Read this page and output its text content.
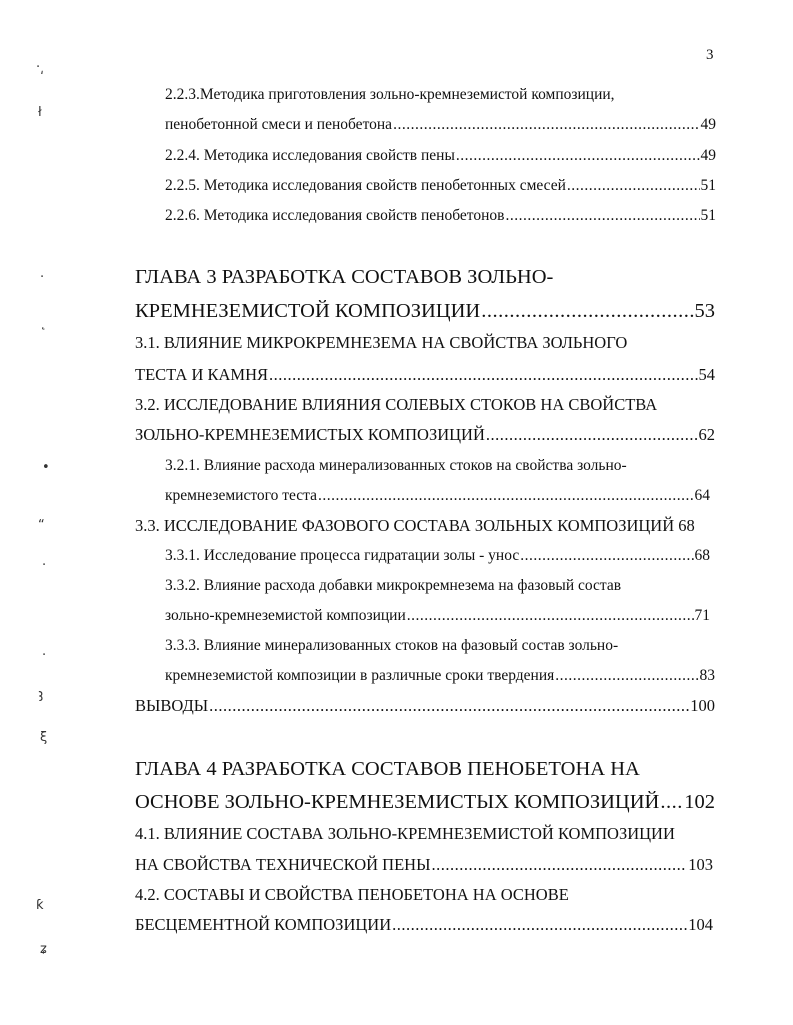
3
·͵
ł
·
˛
•
“
·
·
Ꜣ
ξ
ƙ
ʑ
2.2.3.Методика приготовления зольно-кремнеземистой композиции,
пенобетонной смеси и пенобетона .....	49
2.2.4. Методика исследования свойств пены .....	49
2.2.5. Методика исследования свойств пенобетонных смесей .....	51
2.2.6. Методика исследования свойств пенобетонов .....	51
ГЛАВА 3 РАЗРАБОТКА СОСТАВОВ ЗОЛЬНО-
КРЕМНЕЗЕМИСТОЙ КОМПОЗИЦИИ .....	53
3.1. ВЛИЯНИЕ МИКРОКРЕМНЕЗЕМА НА СВОЙСТВА ЗОЛЬНОГО
ТЕСТА И КАМНЯ .....	54
3.2. ИССЛЕДОВАНИЕ ВЛИЯНИЯ СОЛЕВЫХ СТОКОВ НА СВОЙСТВА
ЗОЛЬНО-КРЕМНЕЗЕМИСТЫХ КОМПОЗИЦИЙ .....	62
3.2.1. Влияние расхода минерализованных стоков на свойства зольно-
кремнеземистого теста .....	64
3.3. ИССЛЕДОВАНИЕ ФАЗОВОГО СОСТАВА ЗОЛЬНЫХ КОМПОЗИЦИЙ 68
3.3.1. Исследование процесса гидратации золы - унос .....	68
3.3.2. Влияние расхода добавки микрокремнезема на фазовый состав
зольно-кремнеземистой композиции .....	71
3.3.3. Влияние минерализованных стоков на фазовый состав зольно-
кремнеземистой композиции в различные сроки твердения .....	83
ВЫВОДЫ .....	100
ГЛАВА 4 РАЗРАБОТКА СОСТАВОВ ПЕНОБЕТОНА НА
ОСНОВЕ ЗОЛЬНО-КРЕМНЕЗЕМИСТЫХ КОМПОЗИЦИЙ ..... 102
4.1. ВЛИЯНИЕ СОСТАВА ЗОЛЬНО-КРЕМНЕЗЕМИСТОЙ КОМПОЗИЦИИ
НА СВОЙСТВА ТЕХНИЧЕСКОЙ ПЕНЫ .....	103
4.2. СОСТАВЫ И СВОЙСТВА ПЕНОБЕТОНА НА ОСНОВЕ
БЕСЦЕМЕНТНОЙ КОМПОЗИЦИИ .....	104
